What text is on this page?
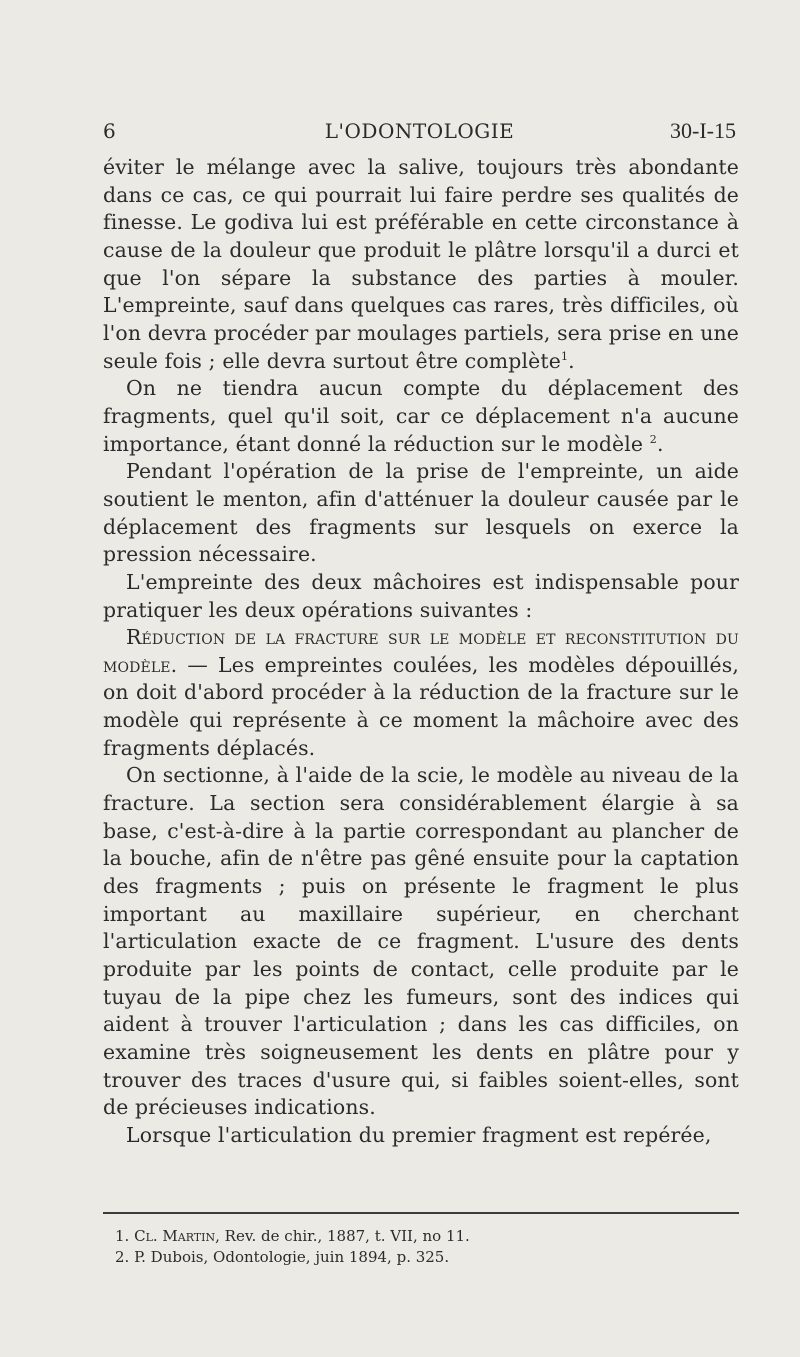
6	L'ODONTOLOGIE	30-I-15

éviter le mélange avec la salive, toujours très abondante dans ce cas, ce qui pourrait lui faire perdre ses qualités de finesse. Le godiva lui est préférable en cette circonstance à cause de la douleur que produit le plâtre lorsqu'il a durci et que l'on sépare la substance des parties à mouler. L'empreinte, sauf dans quelques cas rares, très difficiles, où l'on devra procéder par moulages partiels, sera prise en une seule fois ; elle devra surtout être complète$^1$.

On ne tiendra aucun compte du déplacement des fragments, quel qu'il soit, car ce déplacement n'a aucune importance, étant donné la réduction sur le modèle $^2$.

Pendant l'opération de la prise de l'empreinte, un aide soutient le menton, afin d'atténuer la douleur causée par le déplacement des fragments sur lesquels on exerce la pression nécessaire.

L'empreinte des deux mâchoires est indispensable pour pratiquer les deux opérations suivantes :

Réduction de la fracture sur le modèle et reconstitution du modèle. — Les empreintes coulées, les modèles dépouillés, on doit d'abord procéder à la réduction de la fracture sur le modèle qui représente à ce moment la mâchoire avec des fragments déplacés.

On sectionne, à l'aide de la scie, le modèle au niveau de la fracture. La section sera considérablement élargie à sa base, c'est-à-dire à la partie correspondant au plancher de la bouche, afin de n'être pas gêné ensuite pour la captation des fragments ; puis on présente le fragment le plus important au maxillaire supérieur, en cherchant l'articulation exacte de ce fragment. L'usure des dents produite par les points de contact, celle produite par le tuyau de la pipe chez les fumeurs, sont des indices qui aident à trouver l'articulation ; dans les cas difficiles, on examine très soigneusement les dents en plâtre pour y trouver des traces d'usure qui, si faibles soient-elles, sont de précieuses indications.

Lorsque l'articulation du premier fragment est repérée,

1. Cl. Martin, Rev. de chir., 1887, t. VII, no 11.
2. P. Dubois, Odontologie, juin 1894, p. 325.
